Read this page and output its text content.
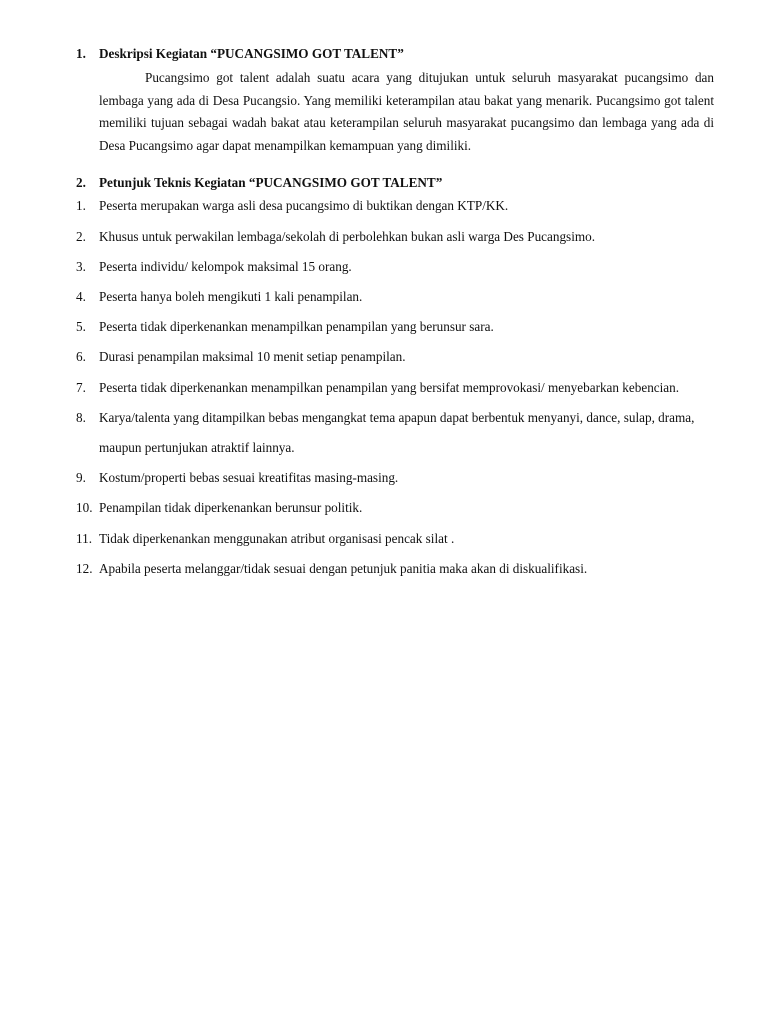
1. Deskripsi Kegiatan “PUCANGSIMO GOT TALENT”
Pucangsimo got talent adalah suatu acara yang ditujukan untuk seluruh masyarakat pucangsimo dan lembaga yang ada di Desa Pucangsio. Yang memiliki keterampilan atau bakat yang menarik. Pucangsimo got talent memiliki tujuan sebagai wadah bakat atau keterampilan seluruh masyarakat pucangsimo dan lembaga yang ada di Desa Pucangsimo agar dapat menampilkan kemampuan yang dimiliki.
2. Petunjuk Teknis Kegiatan “PUCANGSIMO GOT TALENT”
1. Peserta merupakan warga asli desa pucangsimo di buktikan dengan KTP/KK.
2. Khusus untuk perwakilan lembaga/sekolah di perbolehkan bukan asli warga Des Pucangsimo.
3. Peserta individu/ kelompok maksimal 15 orang.
4. Peserta hanya boleh mengikuti 1 kali penampilan.
5. Peserta tidak diperkenankan menampilkan penampilan yang berunsur sara.
6. Durasi penampilan maksimal 10 menit setiap penampilan.
7. Peserta tidak diperkenankan menampilkan penampilan yang bersifat memprovokasi/ menyebarkan kebencian.
8. Karya/talenta yang ditampilkan bebas mengangkat tema apapun dapat berbentuk menyanyi, dance, sulap, drama, maupun pertunjukan atraktif lainnya.
9. Kostum/properti bebas sesuai kreatifitas masing-masing.
10. Penampilan tidak diperkenankan berunsur politik.
11. Tidak diperkenankan menggunakan atribut organisasi pencak silat .
12. Apabila peserta melanggar/tidak sesuai dengan petunjuk panitia maka akan di diskualifikasi.
